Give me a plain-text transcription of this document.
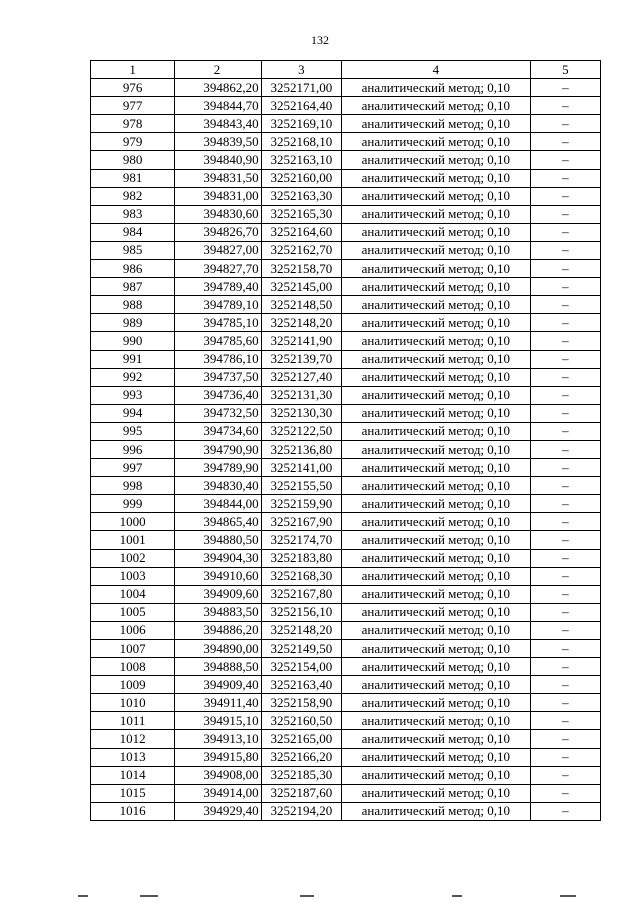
132
1	2	3	4	5
976	394862,20	3252171,00	аналитический метод; 0,10	–
977	394844,70	3252164,40	аналитический метод; 0,10	–
978	394843,40	3252169,10	аналитический метод; 0,10	–
979	394839,50	3252168,10	аналитический метод; 0,10	–
980	394840,90	3252163,10	аналитический метод; 0,10	–
981	394831,50	3252160,00	аналитический метод; 0,10	–
982	394831,00	3252163,30	аналитический метод; 0,10	–
983	394830,60	3252165,30	аналитический метод; 0,10	–
984	394826,70	3252164,60	аналитический метод; 0,10	–
985	394827,00	3252162,70	аналитический метод; 0,10	–
986	394827,70	3252158,70	аналитический метод; 0,10	–
987	394789,40	3252145,00	аналитический метод; 0,10	–
988	394789,10	3252148,50	аналитический метод; 0,10	–
989	394785,10	3252148,20	аналитический метод; 0,10	–
990	394785,60	3252141,90	аналитический метод; 0,10	–
991	394786,10	3252139,70	аналитический метод; 0,10	–
992	394737,50	3252127,40	аналитический метод; 0,10	–
993	394736,40	3252131,30	аналитический метод; 0,10	–
994	394732,50	3252130,30	аналитический метод; 0,10	–
995	394734,60	3252122,50	аналитический метод; 0,10	–
996	394790,90	3252136,80	аналитический метод; 0,10	–
997	394789,90	3252141,00	аналитический метод; 0,10	–
998	394830,40	3252155,50	аналитический метод; 0,10	–
999	394844,00	3252159,90	аналитический метод; 0,10	–
1000	394865,40	3252167,90	аналитический метод; 0,10	–
1001	394880,50	3252174,70	аналитический метод; 0,10	–
1002	394904,30	3252183,80	аналитический метод; 0,10	–
1003	394910,60	3252168,30	аналитический метод; 0,10	–
1004	394909,60	3252167,80	аналитический метод; 0,10	–
1005	394883,50	3252156,10	аналитический метод; 0,10	–
1006	394886,20	3252148,20	аналитический метод; 0,10	–
1007	394890,00	3252149,50	аналитический метод; 0,10	–
1008	394888,50	3252154,00	аналитический метод; 0,10	–
1009	394909,40	3252163,40	аналитический метод; 0,10	–
1010	394911,40	3252158,90	аналитический метод; 0,10	–
1011	394915,10	3252160,50	аналитический метод; 0,10	–
1012	394913,10	3252165,00	аналитический метод; 0,10	–
1013	394915,80	3252166,20	аналитический метод; 0,10	–
1014	394908,00	3252185,30	аналитический метод; 0,10	–
1015	394914,00	3252187,60	аналитический метод; 0,10	–
1016	394929,40	3252194,20	аналитический метод; 0,10	–
